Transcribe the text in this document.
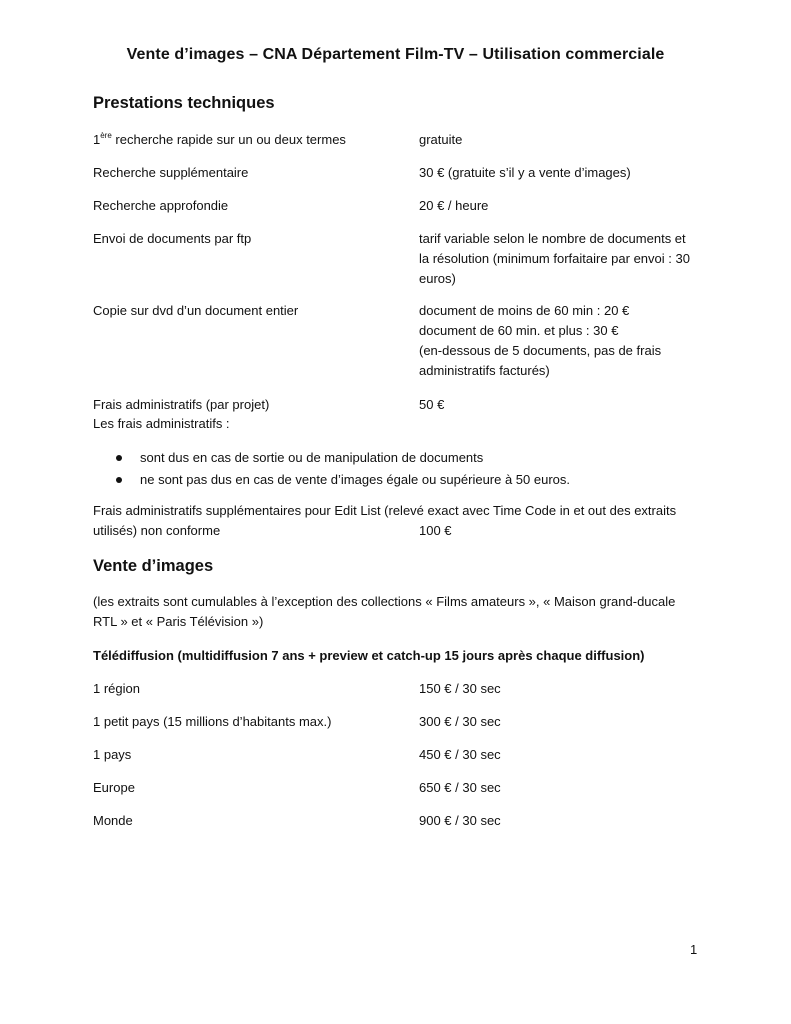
Vente d’images – CNA Département Film-TV – Utilisation commerciale
Prestations techniques
1ère recherche rapide sur un ou deux termes	gratuite
Recherche supplémentaire	30 € (gratuite s’il y a vente d’images)
Recherche approfondie	20 € / heure
Envoi de documents par ftp	tarif variable selon le nombre de documents et
la résolution (minimum forfaitaire par envoi : 30
euros)
Copie sur dvd d’un document entier	document de moins de 60 min : 20 €
document de 60 min. et plus : 30 €
(en-dessous de 5 documents, pas de frais
administratifs facturés)
Frais administratifs (par projet)	50 €
Les frais administratifs :
sont dus en cas de sortie ou de manipulation de documents
ne sont pas dus en cas de vente d’images égale ou supérieure à 50 euros.
Frais administratifs supplémentaires pour Edit List (relevé exact avec Time Code in et out des extraits
utilisés) non conforme	100 €
Vente d’images
(les extraits sont cumulables à l’exception des collections « Films amateurs », « Maison grand-ducale
RTL » et « Paris Télévision »)
Télédiffusion (multidiffusion 7 ans + preview et catch-up 15 jours après chaque diffusion)
1 région	150 € / 30 sec
1 petit pays (15 millions d’habitants max.)	300 € / 30 sec
1 pays	450 € / 30 sec
Europe	650 € / 30 sec
Monde	900 € / 30 sec
1
